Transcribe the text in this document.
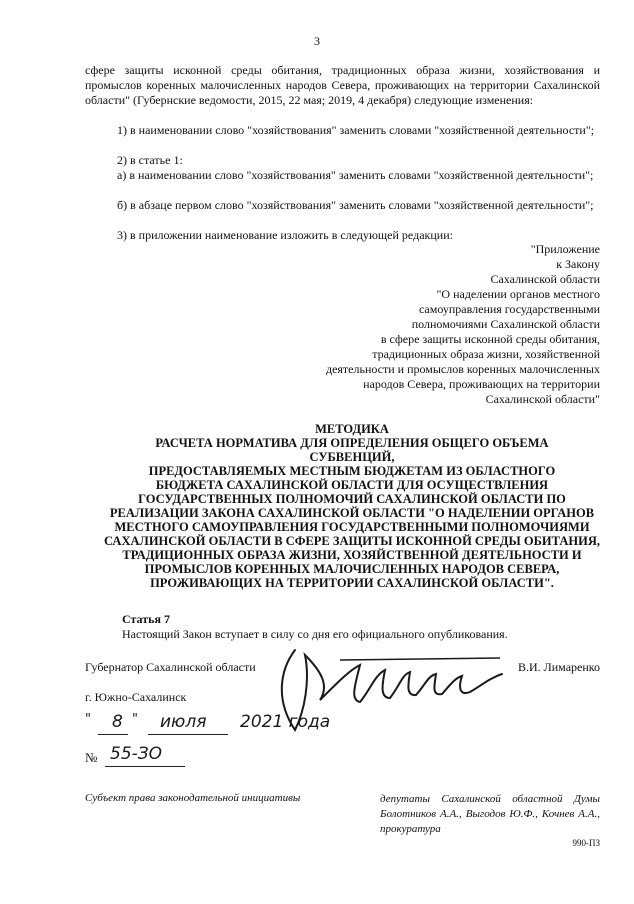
3
сфере защиты исконной среды обитания, традиционных образа жизни, хозяйствования и промыслов коренных малочисленных народов Севера, проживающих на территории Сахалинской области" (Губернские ведомости, 2015, 22 мая; 2019, 4 декабря) следующие изменения:
1) в наименовании слово "хозяйствования" заменить словами "хозяйственной деятельности";
2) в статье 1:
а) в наименовании слово "хозяйствования" заменить словами "хозяйственной деятельности";
б) в абзаце первом слово "хозяйствования" заменить словами "хозяйственной деятельности";
3) в приложении наименование изложить в следующей редакции:
"Приложение
к Закону
Сахалинской области
"О наделении органов местного
самоуправления государственными
полномочиями Сахалинской области
в сфере защиты исконной среды обитания,
традиционных образа жизни, хозяйственной
деятельности и промыслов коренных малочисленных
народов Севера, проживающих на территории
Сахалинской области"
МЕТОДИКА
РАСЧЕТА НОРМАТИВА ДЛЯ ОПРЕДЕЛЕНИЯ ОБЩЕГО ОБЪЕМА
СУБВЕНЦИЙ,
ПРЕДОСТАВЛЯЕМЫХ МЕСТНЫМ БЮДЖЕТАМ ИЗ ОБЛАСТНОГО
БЮДЖЕТА САХАЛИНСКОЙ ОБЛАСТИ ДЛЯ ОСУЩЕСТВЛЕНИЯ
ГОСУДАРСТВЕННЫХ ПОЛНОМОЧИЙ САХАЛИНСКОЙ ОБЛАСТИ ПО
РЕАЛИЗАЦИИ ЗАКОНА САХАЛИНСКОЙ ОБЛАСТИ "О НАДЕЛЕНИИ ОРГАНОВ
МЕСТНОГО САМОУПРАВЛЕНИЯ ГОСУДАРСТВЕННЫМИ ПОЛНОМОЧИЯМИ
САХАЛИНСКОЙ ОБЛАСТИ В СФЕРЕ ЗАЩИТЫ ИСКОННОЙ СРЕДЫ ОБИТАНИЯ,
ТРАДИЦИОННЫХ ОБРАЗА ЖИЗНИ, ХОЗЯЙСТВЕННОЙ ДЕЯТЕЛЬНОСТИ И
ПРОМЫСЛОВ КОРЕННЫХ МАЛОЧИСЛЕННЫХ НАРОДОВ СЕВЕРА,
ПРОЖИВАЮЩИХ НА ТЕРРИТОРИИ САХАЛИНСКОЙ ОБЛАСТИ".
Статья 7
Настоящий Закон вступает в силу со дня его официального опубликования.
Губернатор Сахалинской области	В.И. Лимаренко
г. Южно-Сахалинск
" 8 " июля 2021 года
№ 55-ЗО
Субъект права законодательной инициативы	депутаты Сахалинской областной Думы Болотников А.А., Выгодов Ю.Ф., Кочнев А.А., прокуратура
990-ПЗ
